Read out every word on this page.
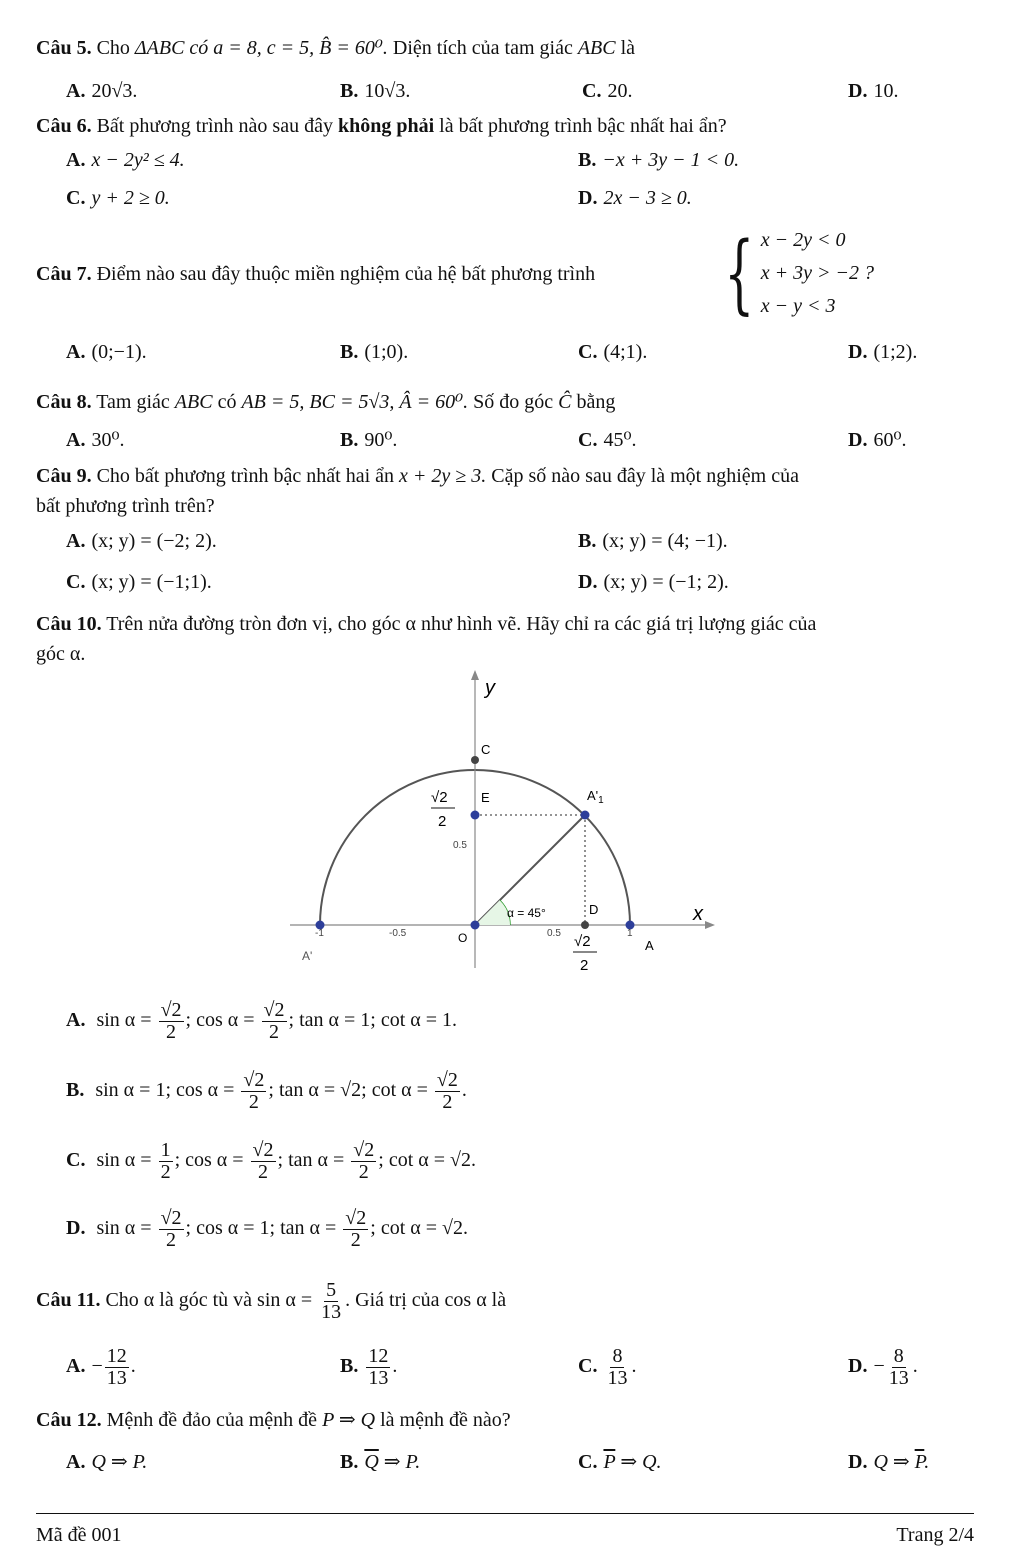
Câu 5. Cho ΔABC có a = 8, c = 5, B̂ = 60⁰. Diện tích của tam giác ABC là
A. 20√3.	B. 10√3.	C. 20.	D. 10.
Câu 6. Bất phương trình nào sau đây không phải là bất phương trình bậc nhất hai ẩn?
A. x − 2y² ≤ 4.	B. −x + 3y − 1 < 0.
C. y + 2 ≥ 0.	D. 2x − 3 ≥ 0.
Câu 7. Điểm nào sau đây thuộc miền nghiệm của hệ bất phương trình { x − 2y < 0
x + 3y > −2 ?
x − y < 3
A. (0;−1).	B. (1;0).	C. (4;1).	D. (1;2).
Câu 8. Tam giác ABC có AB = 5, BC = 5√3, Â = 60⁰. Số đo góc Ĉ bằng
A. 30⁰.	B. 90⁰.	C. 45⁰.	D. 60⁰.
Câu 9. Cho bất phương trình bậc nhất hai ẩn x + 2y ≥ 3. Cặp số nào sau đây là một nghiệm của
bất phương trình trên?
A. (x; y) = (−2; 2).	B. (x; y) = (4; −1).
C. (x; y) = (−1;1).	D. (x; y) = (−1; 2).
Câu 10. Trên nửa đường tròn đơn vị, cho góc α như hình vẽ. Hãy chỉ ra các giá trị lượng giác của
góc α.
y
x
C
E	$A'_1$
D
A
A'
O
α = 45°
-1	-0.5	0.5	1
0.5
√2
2
√2
2
A. $\sin \alpha = \frac{√2}{2}$ ; $\cos \alpha = \frac{√2}{2}$ ; tan α = 1; cot α = 1.
B. sin α = 1; $\cos \alpha = \frac{√2}{2}$ ; tan α = √2; $\cot \alpha = \frac{√2}{2}$ .
C. $\sin \alpha = \frac{1}{2}$ ; $\cos \alpha = \frac{√2}{2}$ ; $\tan \alpha = \frac{√2}{2}$ ; cot α = √2.
D. $\sin \alpha = \frac{√2}{2}$ ; cos α = 1; $\tan \alpha = \frac{√2}{2}$ ; cot α = √2.
Câu 11. Cho α là góc tù và $\sin \alpha = \frac{5}{13}$ . Giá trị của cos α là
A. − $\frac{12}{13}$ .	B. $\frac{12}{13}$ .	C. $\frac{8}{13}$ .	D. − $\frac{8}{13}$ .
Câu 12. Mệnh đề đảo của mệnh đề P ⇒ Q là mệnh đề nào?
A. Q ⇒ P.	B. $\overline{Q}$ ⇒ P.	C. $\overline{P}$ ⇒ Q.	D. Q ⇒ $\overline{P}$.
Mã đề 001	Trang 2/4
